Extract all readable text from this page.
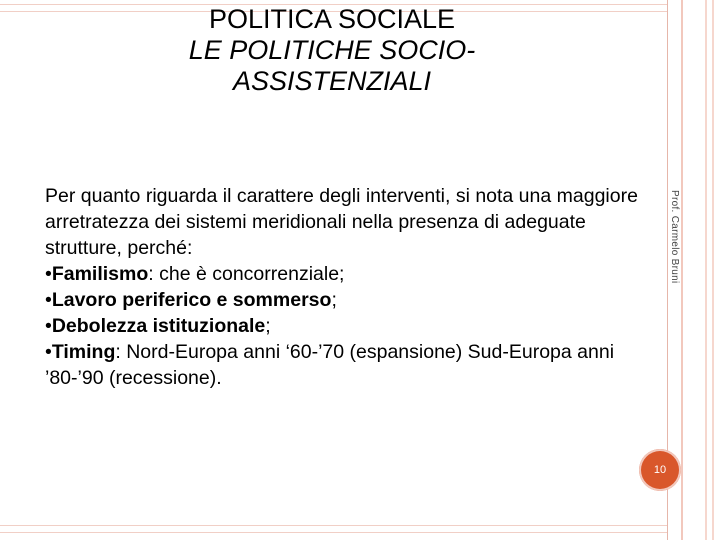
POLITICA SOCIALE
LE POLITICHE SOCIO-
ASSISTENZIALI
Prof. Carmelo Bruni

Per quanto riguarda il carattere degli interventi, si nota una maggiore arretratezza dei sistemi meridionali nella presenza di adeguate strutture, perché:

•Familismo: che è concorrenziale;

•Lavoro periferico e sommerso;

•Debolezza istituzionale;

•Timing: Nord-Europa anni ‘60-’70 (espansione) Sud-Europa anni ’80-’90 (recessione).

10
